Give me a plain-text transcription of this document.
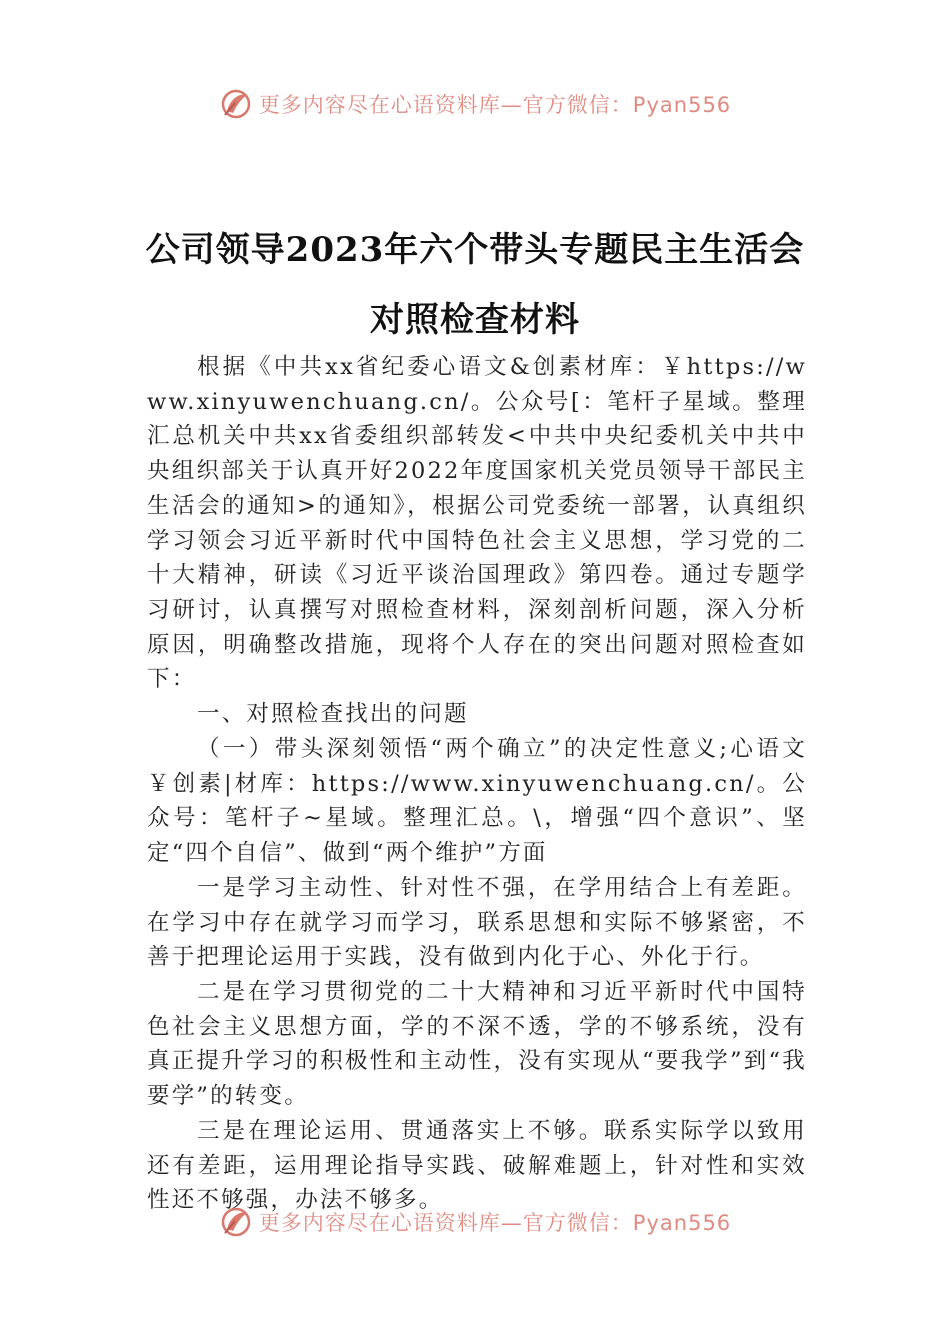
更多内容尽在心语资料库—官方微信：Pyan556
公司领导2023年六个带头专题民主生活会
对照检查材料
根据《中共xx省纪委心语文&创素材库：￥https://www.xinyuwenchuang.cn/。公众号[：笔杆子星域。整理汇总机关中共xx省委组织部转发<中共中央纪委机关中共中央组织部关于认真开好2022年度国家机关党员领导干部民主生活会的通知>的通知》，根据公司党委统一部署，认真组织学习领会习近平新时代中国特色社会主义思想，学习党的二十大精神，研读《习近平谈治国理政》第四卷。通过专题学习研讨，认真撰写对照检查材料，深刻剖析问题，深入分析原因，明确整改措施，现将个人存在的突出问题对照检查如下：
一、对照检查找出的问题
（一）带头深刻领悟“两个确立”的决定性意义;心语文￥创素|材库：https://www.xinyuwenchuang.cn/。公众号：笔杆子~星域。整理汇总。\，增强“四个意识”、坚定“四个自信”、做到“两个维护”方面
一是学习主动性、针对性不强，在学用结合上有差距。在学习中存在就学习而学习，联系思想和实际不够紧密，不善于把理论运用于实践，没有做到内化于心、外化于行。
二是在学习贯彻党的二十大精神和习近平新时代中国特色社会主义思想方面，学的不深不透，学的不够系统，没有真正提升学习的积极性和主动性，没有实现从“要我学”到“我要学”的转变。
三是在理论运用、贯通落实上不够。联系实际学以致用还有差距，运用理论指导实践、破解难题上，针对性和实效性还不够强，办法不够多。
更多内容尽在心语资料库—官方微信：Pyan556
